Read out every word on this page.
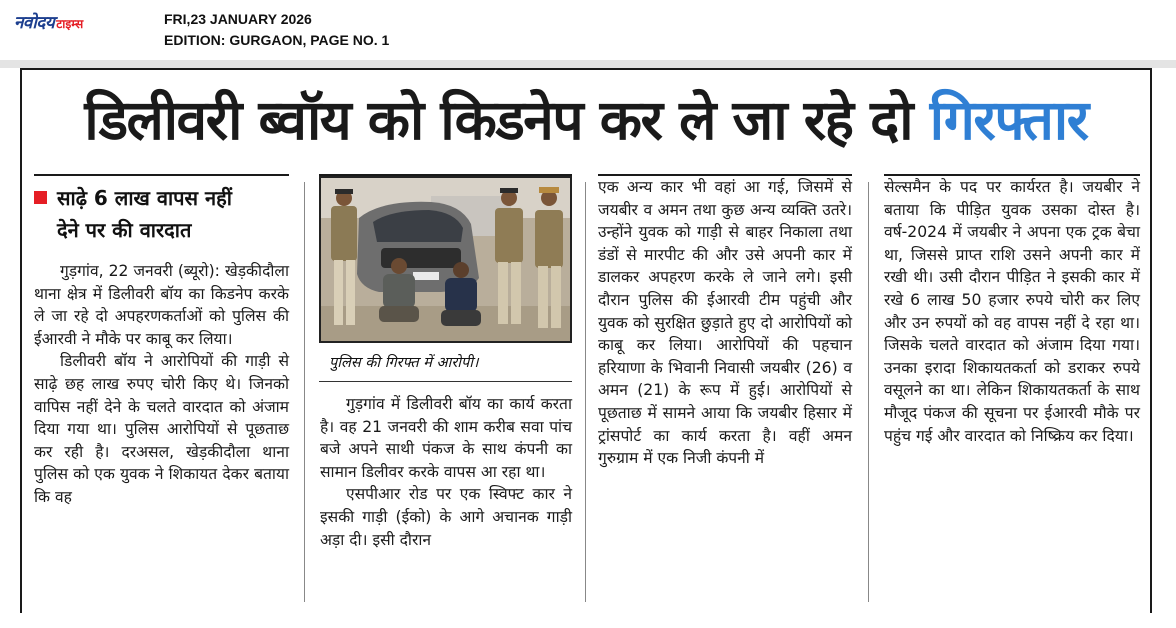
नवोदय टाइम्स	FRI,23 JANUARY 2026
EDITION: GURGAON, PAGE NO. 1
डिलीवरी ब्वॉय को किडनेप कर ले जा रहे दो गिरफ्तार
साढ़े 6 लाख वापस नहीं
देने पर की वारदात

गुड़गांव, 22 जनवरी (ब्यूरो): खेड़कीदौला थाना क्षेत्र में डिलीवरी बॉय का किडनेप करके ले जा रहे दो अपहरणकर्ताओं को पुलिस की ईआरवी ने मौके पर काबू कर लिया।

डिलीवरी बॉय ने आरोपियों की गाड़ी से साढ़े छह लाख रुपए चोरी किए थे। जिनको वापिस नहीं देने के चलते वारदात को अंजाम दिया गया था। पुलिस आरोपियों से पूछताछ कर रही है। दरअसल, खेड़कीदौला थाना पुलिस को एक युवक ने शिकायत देकर बताया कि वह

पुलिस की गिरफ्त में आरोपी।

गुड़गांव में डिलीवरी बॉय का कार्य करता है। वह 21 जनवरी की शाम करीब सवा पांच बजे अपने साथी पंकज के साथ कंपनी का सामान डिलीवर करके वापस आ रहा था।

एसपीआर रोड पर एक स्विफ्ट कार ने इसकी गाड़ी (ईको) के आगे अचानक गाड़ी अड़ा दी। इसी दौरान

एक अन्य कार भी वहां आ गई, जिसमें से जयबीर व अमन तथा कुछ अन्य व्यक्ति उतरे। उन्होंने युवक को गाड़ी से बाहर निकाला तथा डंडों से मारपीट की और उसे अपनी कार में डालकर अपहरण करके ले जाने लगे। इसी दौरान पुलिस की ईआरवी टीम पहुंची और युवक को सुरक्षित छुड़ाते हुए दो आरोपियों को काबू कर लिया। आरोपियों की पहचान हरियाणा के भिवानी निवासी जयबीर (26) व अमन (21) के रूप में हुई। आरोपियों से पूछताछ में सामने आया कि जयबीर हिसार में ट्रांसपोर्ट का कार्य करता है। वहीं अमन गुरुग्राम में एक निजी कंपनी में

सेल्समैन के पद पर कार्यरत है। जयबीर ने बताया कि पीड़ित युवक उसका दोस्त है। वर्ष-2024 में जयबीर ने अपना एक ट्रक बेचा था, जिससे प्राप्त राशि उसने अपनी कार में रखी थी। उसी दौरान पीड़ित ने इसकी कार में रखे 6 लाख 50 हजार रुपये चोरी कर लिए और उन रुपयों को वह वापस नहीं दे रहा था। जिसके चलते वारदात को अंजाम दिया गया। उनका इरादा शिकायतकर्ता को डराकर रुपये वसूलने का था। लेकिन शिकायतकर्ता के साथ मौजूद पंकज की सूचना पर ईआरवी मौके पर पहुंच गई और वारदात को निष्क्रिय कर दिया।
